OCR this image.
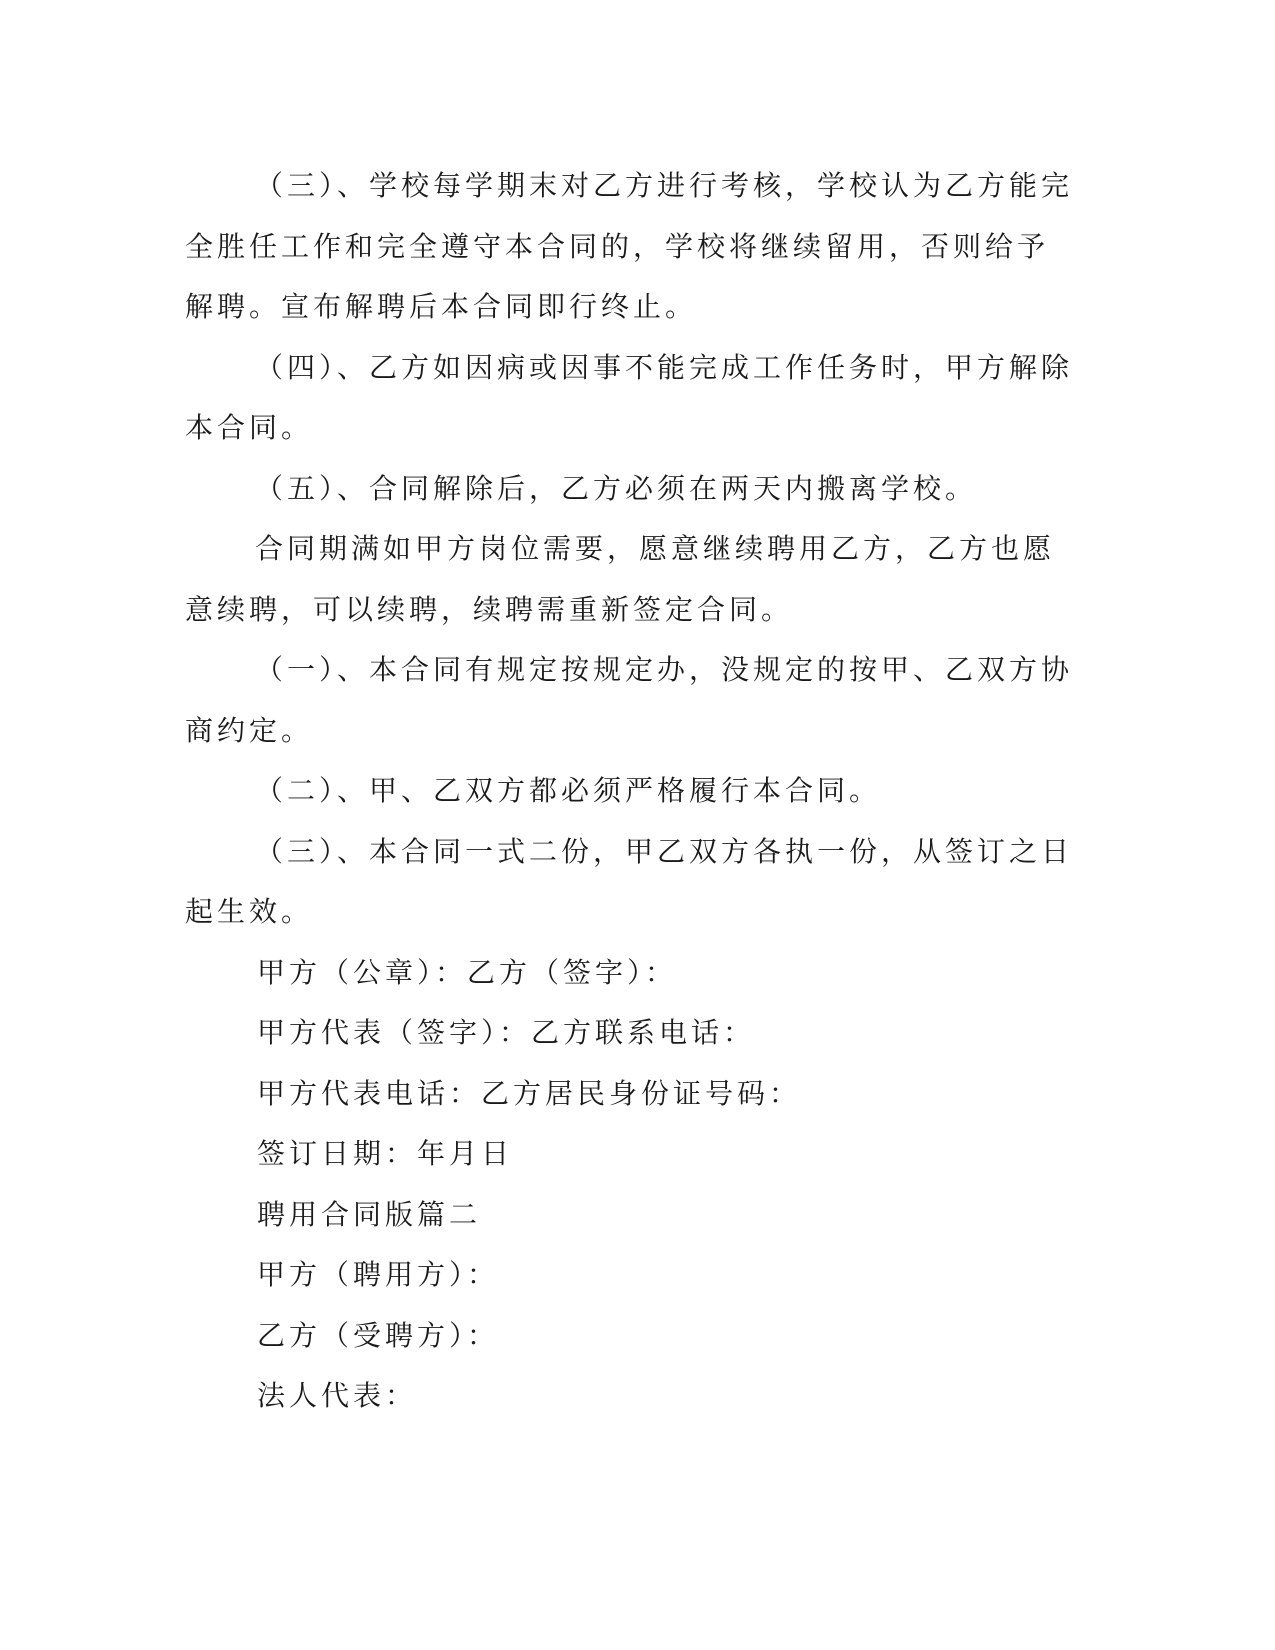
（三）、学校每学期末对乙方进行考核，学校认为乙方能完全胜任工作和完全遵守本合同的，学校将继续留用，否则给予解聘。宣布解聘后本合同即行终止。

（四）、乙方如因病或因事不能完成工作任务时，甲方解除本合同。

（五）、合同解除后，乙方必须在两天内搬离学校。

合同期满如甲方岗位需要，愿意继续聘用乙方，乙方也愿意续聘，可以续聘，续聘需重新签定合同。

（一）、本合同有规定按规定办，没规定的按甲、乙双方协商约定。

（二）、甲、乙双方都必须严格履行本合同。

（三）、本合同一式二份，甲乙双方各执一份，从签订之日起生效。

甲方（公章）：乙方（签字）：

甲方代表（签字）：乙方联系电话：

甲方代表电话：乙方居民身份证号码：

签订日期：年月日

聘用合同版篇二

甲方（聘用方）：

乙方（受聘方）：

法人代表：
